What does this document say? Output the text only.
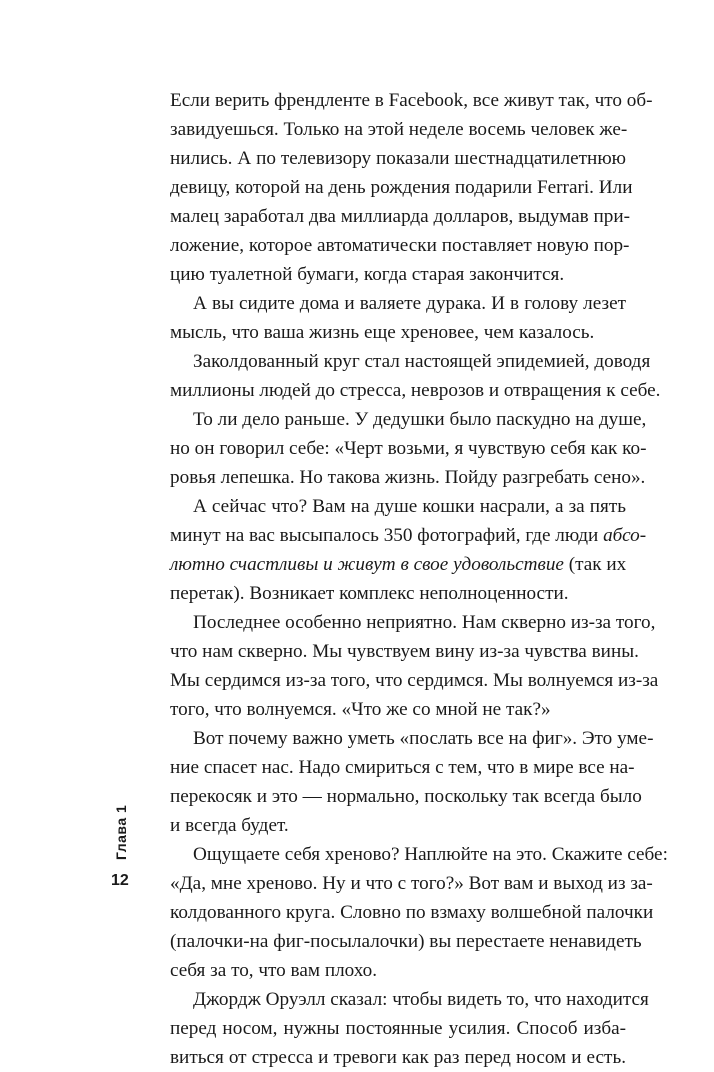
Если верить френдленте в Facebook, все живут так, что об-
завидуешься. Только на этой неделе восемь человек же-
нились. А по телевизору показали шестнадцатилетнюю
девицу, которой на день рождения подарили Ferrari. Или
малец заработал два миллиарда долларов, выдумав при-
ложение, которое автоматически поставляет новую пор-
цию туалетной бумаги, когда старая закончится.
А вы сидите дома и валяете дурака. И в голову лезет
мысль, что ваша жизнь еще хреновее, чем казалось.
Заколдованный круг стал настоящей эпидемией, доводя
миллионы людей до стресса, неврозов и отвращения к себе.
То ли дело раньше. У дедушки было паскудно на душе,
но он говорил себе: «Черт возьми, я чувствую себя как ко-
ровья лепешка. Но такова жизнь. Пойду разгребать сено».
А сейчас что? Вам на душе кошки насрали, а за пять
минут на вас высыпалось 350 фотографий, где люди абсо-
лютно счастливы и живут в свое удовольствие (так их
перетак). Возникает комплекс неполноценности.
Последнее особенно неприятно. Нам скверно из-за того,
что нам скверно. Мы чувствуем вину из-за чувства вины.
Мы сердимся из-за того, что сердимся. Мы волнуемся из-за
того, что волнуемся. «Что же со мной не так?»
Вот почему важно уметь «послать все на фиг». Это уме-
ние спасет нас. Надо смириться с тем, что в мире все на-
перекосяк и это — нормально, поскольку так всегда было
и всегда будет.
Ощущаете себя хреново? Наплюйте на это. Скажите себе:
«Да, мне хреново. Ну и что с того?» Вот вам и выход из за-
колдованного круга. Словно по взмаху волшебной палочки
(палочки-на фиг-посылалочки) вы перестаете ненавидеть
себя за то, что вам плохо.
Джордж Оруэлл сказал: чтобы видеть то, что находится
перед носом, нужны постоянные усилия. Способ изба-
виться от стресса и тревоги как раз перед носом и есть.
Глава 1
12
